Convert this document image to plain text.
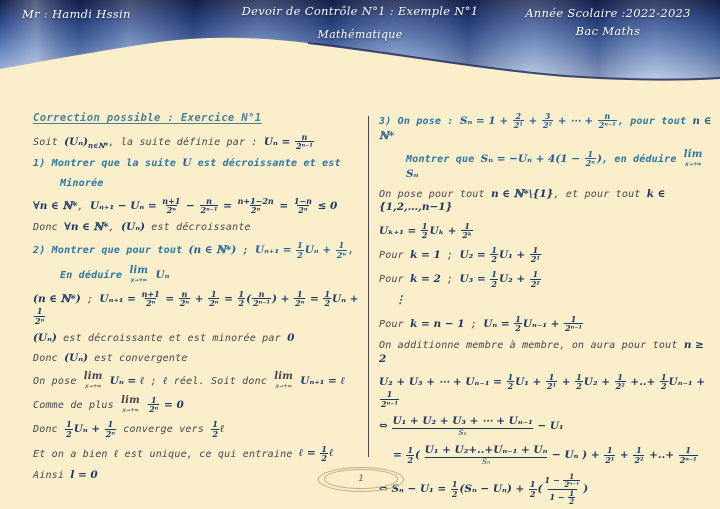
Mr : Hamdi Hssin	Devoir de Contrôle N°1 : Exemple N°1
Mathématique
Année Scolaire :2022-2023
Bac Maths
Correction possible : Exercice N°1
Soit $(U_n)_{n\in ℕ*}$, la suite définie par : $U_n = \frac{n}{\text{2ⁿ⁻¹}}$
1) Montrer que la suite U est décroissante et est
Minorée
∀n ∈ ℕ*, $U_{n+1} - U_n = \frac{n+1}{\text{2ⁿ}} - \frac{n}{\text{2ⁿ⁻¹}} = \frac{n+1-2n}{\text{2ⁿ}} = \frac{1-n}{\text{2ⁿ}} \le 0$
Donc ∀n ∈ ℕ*, (Uₙ) est décroissante
2) Montrer que pour tout (n ∈ ℕ*) ; $U_{n+1} = \frac{1}{2}$ $U_n + \frac{1}{\text{2ⁿ}}$ ,
En déduire lim
x→+∞ Uₙ
(n ∈ ℕ*) ; $U_{n+1} = \frac{n+1}{\text{2ⁿ}} = \frac{n}{\text{2ⁿ}} + \frac{1}{\text{2ⁿ}} = \frac{1}{2}$ ( $\frac{n}{\text{2ⁿ⁻¹}}$ ) + $\frac{1}{\text{2ⁿ}} = \frac{1}{2}$ Uₙ +
$\frac{1}{\text{2ⁿ}}$
(Uₙ) est décroissante et est minorée par 0
Donc (Uₙ) est convergente
On pose lim
x→+∞ Uₙ = ℓ ; ℓ réel. Soit donc lim
x→+∞ Uₙ₊₁ = ℓ
Comme de plus lim
x→+∞
$\frac{1}{\text{2ⁿ}} = 0$
Donc $\frac{1}{2}$ $U_n + \frac{1}{\text{2ⁿ}}$ converge vers $\frac{1}{2}$ ℓ
Et on a bien ℓ est unique, ce qui entraine ℓ = $\frac{1}{2}$ ℓ
Ainsi l = 0
3) On pose : $S_n = 1 + \frac{2}{\text{2¹}} + \frac{3}{\text{2²}}$ + ⋯ + $\frac{n}{\text{2ⁿ⁻¹}}$ , pour tout n ∈ ℕ*
Montrer que $S_n = -U_n + 4(1 - \frac{1}{\text{2ⁿ}}$ ), en déduire lim
x→+∞
Sₙ
On pose pour tout n ∈ ℕ*\{1}, et pour tout k ∈ {1,2,…,n−1}
$U_{k+1} = \frac{1}{2}$ $U_k + \frac{1}{\text{2ᵏ}}$
Pour k = 1 ; $U_2 = \frac{1}{2} U_1 + \frac{1}{\text{2¹}}$
Pour k = 2 ; $U_3 = \frac{1}{2} U_2 + \frac{1}{\text{2²}}$
⋮
Pour k = n − 1 ; $U_n = \frac{1}{2} U_{n-1} + \frac{1}{\text{2ⁿ⁻¹}}$
On additionne membre à membre, on aura pour tout n ≥ 2
U₂ + U₃ + ⋯ + $U_{n-1} = \frac{1}{2} U_1 + \frac{1}{\text{2¹}} + \frac{1}{2} U_2 + \frac{1}{\text{2²}}$ +..+ $\frac{1}{2} U_{n-1}$ +
$\frac{1}{\text{2ⁿ⁻¹}}$
⇔ U₁ + U₂ + U₃ + ⋯ + Uₙ₋₁
Sₙ
− U₁
= $\frac{1}{2}$ ( U₁ + U₂+..+Uₙ₋₁ + Uₙ
Sₙ
− Uₙ ) + $\frac{1}{\text{2¹}} + \frac{1}{\text{2²}}$ +..+ $\frac{1}{\text{2ⁿ⁻¹}}$
⇔ $S_n - U_1 = \frac{1}{2} (S_n - U_n) + \frac{1}{2}$ ( $\frac{1 - \frac{1}{\text{2ⁿ⁻¹}}}{1 - \frac{1}{2}}$ )
1
